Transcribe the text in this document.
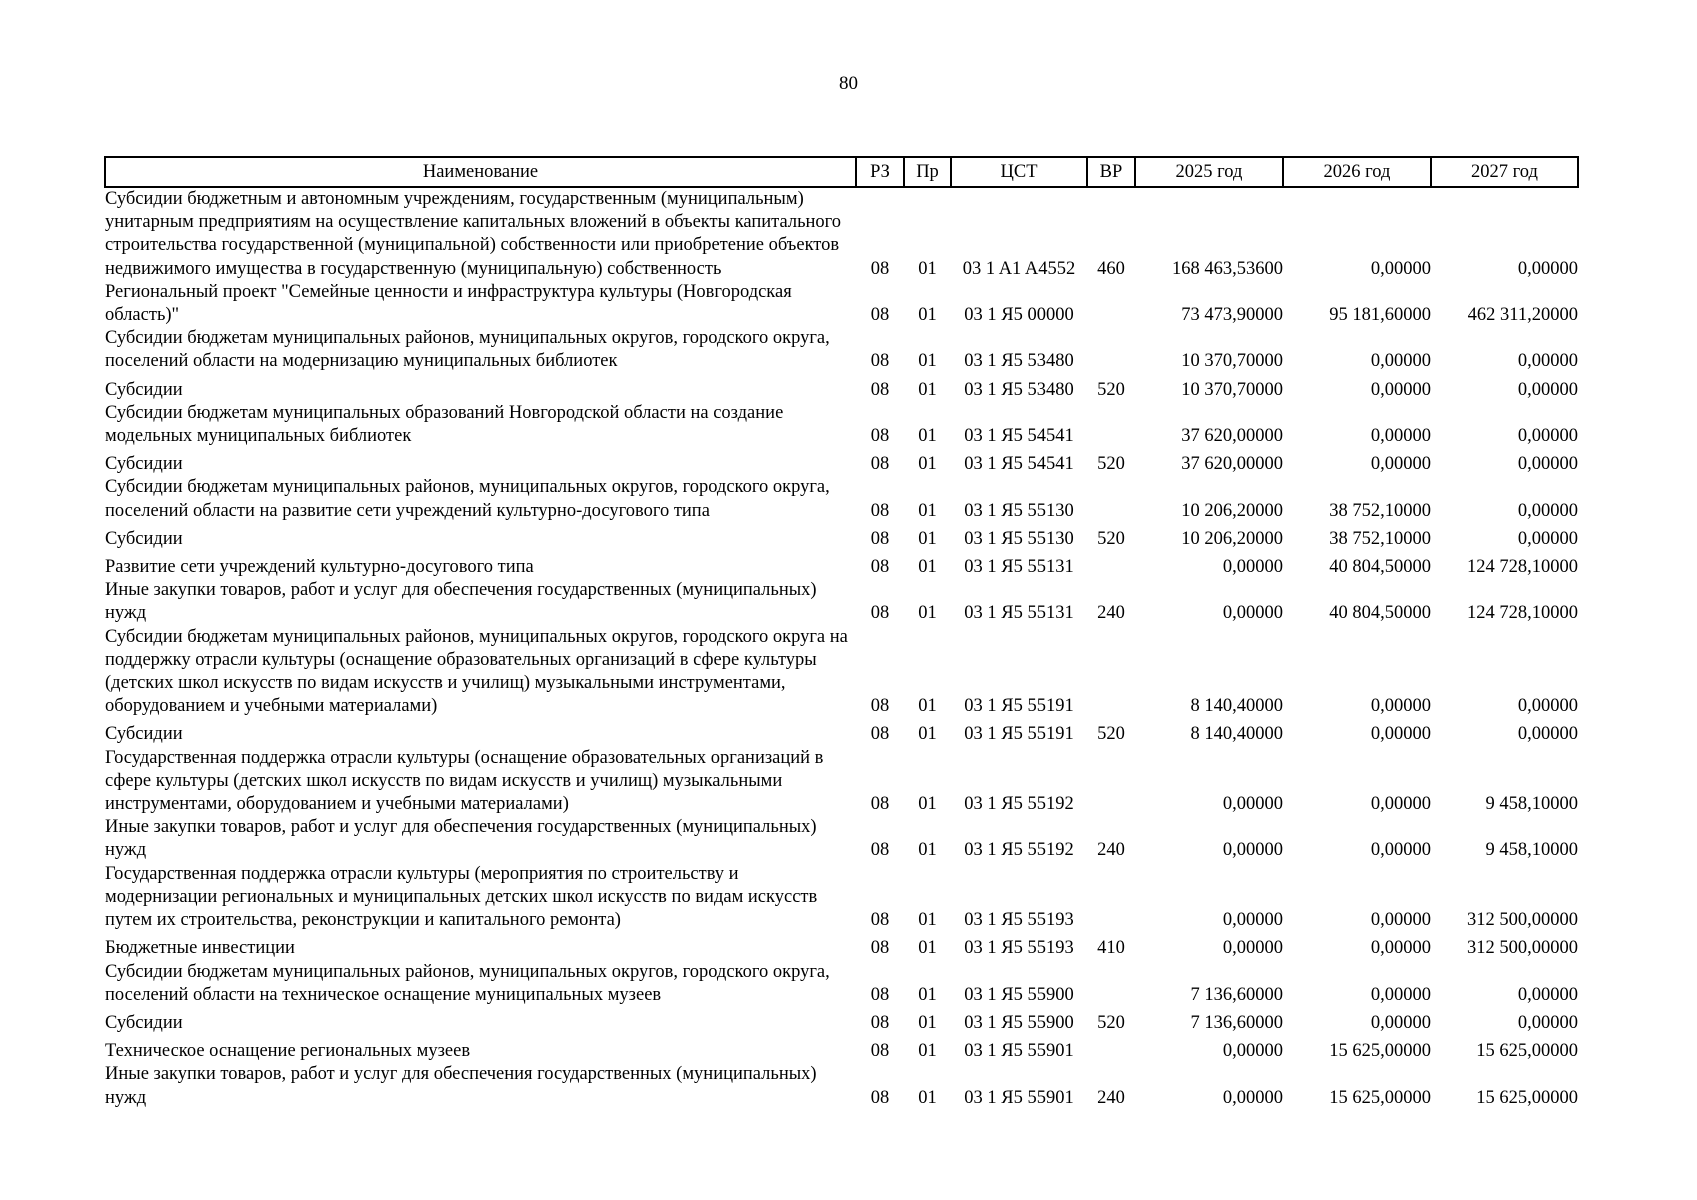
80
Наименование	РЗ	Пр	ЦСТ	ВР	2025 год	2026 год	2027 год
Субсидии бюджетным и автономным учреждениям, государственным (муниципальным) унитарным предприятиям на осуществление капитальных вложений в объекты капитального строительства государственной (муниципальной) собственности или приобретение объектов недвижимого имущества в государственную (муниципальную) собственность	08	01	03 1 A1 A4552	460	168 463,53600	0,00000	0,00000
Региональный проект "Семейные ценности и инфраструктура культуры (Новгородская область)"	08	01	03 1 Я5 00000		73 473,90000	95 181,60000	462 311,20000
Субсидии бюджетам муниципальных районов, муниципальных округов, городского округа, поселений области на модернизацию муниципальных библиотек	08	01	03 1 Я5 53480		10 370,70000	0,00000	0,00000
Субсидии	08	01	03 1 Я5 53480	520	10 370,70000	0,00000	0,00000
Субсидии бюджетам муниципальных образований Новгородской области на создание модельных муниципальных библиотек	08	01	03 1 Я5 54541		37 620,00000	0,00000	0,00000
Субсидии	08	01	03 1 Я5 54541	520	37 620,00000	0,00000	0,00000
Субсидии бюджетам муниципальных районов, муниципальных округов, городского округа, поселений области на развитие сети учреждений культурно-досугового типа	08	01	03 1 Я5 55130		10 206,20000	38 752,10000	0,00000
Субсидии	08	01	03 1 Я5 55130	520	10 206,20000	38 752,10000	0,00000
Развитие сети учреждений культурно-досугового типа	08	01	03 1 Я5 55131		0,00000	40 804,50000	124 728,10000
Иные закупки товаров, работ и услуг для обеспечения государственных (муниципальных) нужд	08	01	03 1 Я5 55131	240	0,00000	40 804,50000	124 728,10000
Субсидии бюджетам муниципальных районов, муниципальных округов, городского округа на поддержку отрасли культуры (оснащение образовательных организаций в сфере культуры (детских школ искусств по видам искусств и училищ) музыкальными инструментами, оборудованием и учебными материалами)	08	01	03 1 Я5 55191		8 140,40000	0,00000	0,00000
Субсидии	08	01	03 1 Я5 55191	520	8 140,40000	0,00000	0,00000
Государственная поддержка отрасли культуры (оснащение образовательных организаций в сфере культуры (детских школ искусств по видам искусств и училищ) музыкальными инструментами, оборудованием и учебными материалами)	08	01	03 1 Я5 55192		0,00000	0,00000	9 458,10000
Иные закупки товаров, работ и услуг для обеспечения государственных (муниципальных) нужд	08	01	03 1 Я5 55192	240	0,00000	0,00000	9 458,10000
Государственная поддержка отрасли культуры (мероприятия по строительству и модернизации региональных и муниципальных детских школ искусств по видам искусств путем их строительства, реконструкции и капитального ремонта)	08	01	03 1 Я5 55193		0,00000	0,00000	312 500,00000
Бюджетные инвестиции	08	01	03 1 Я5 55193	410	0,00000	0,00000	312 500,00000
Субсидии бюджетам муниципальных районов, муниципальных округов, городского округа, поселений области на техническое оснащение муниципальных музеев	08	01	03 1 Я5 55900		7 136,60000	0,00000	0,00000
Субсидии	08	01	03 1 Я5 55900	520	7 136,60000	0,00000	0,00000
Техническое оснащение региональных музеев	08	01	03 1 Я5 55901		0,00000	15 625,00000	15 625,00000
Иные закупки товаров, работ и услуг для обеспечения государственных (муниципальных) нужд	08	01	03 1 Я5 55901	240	0,00000	15 625,00000	15 625,00000
